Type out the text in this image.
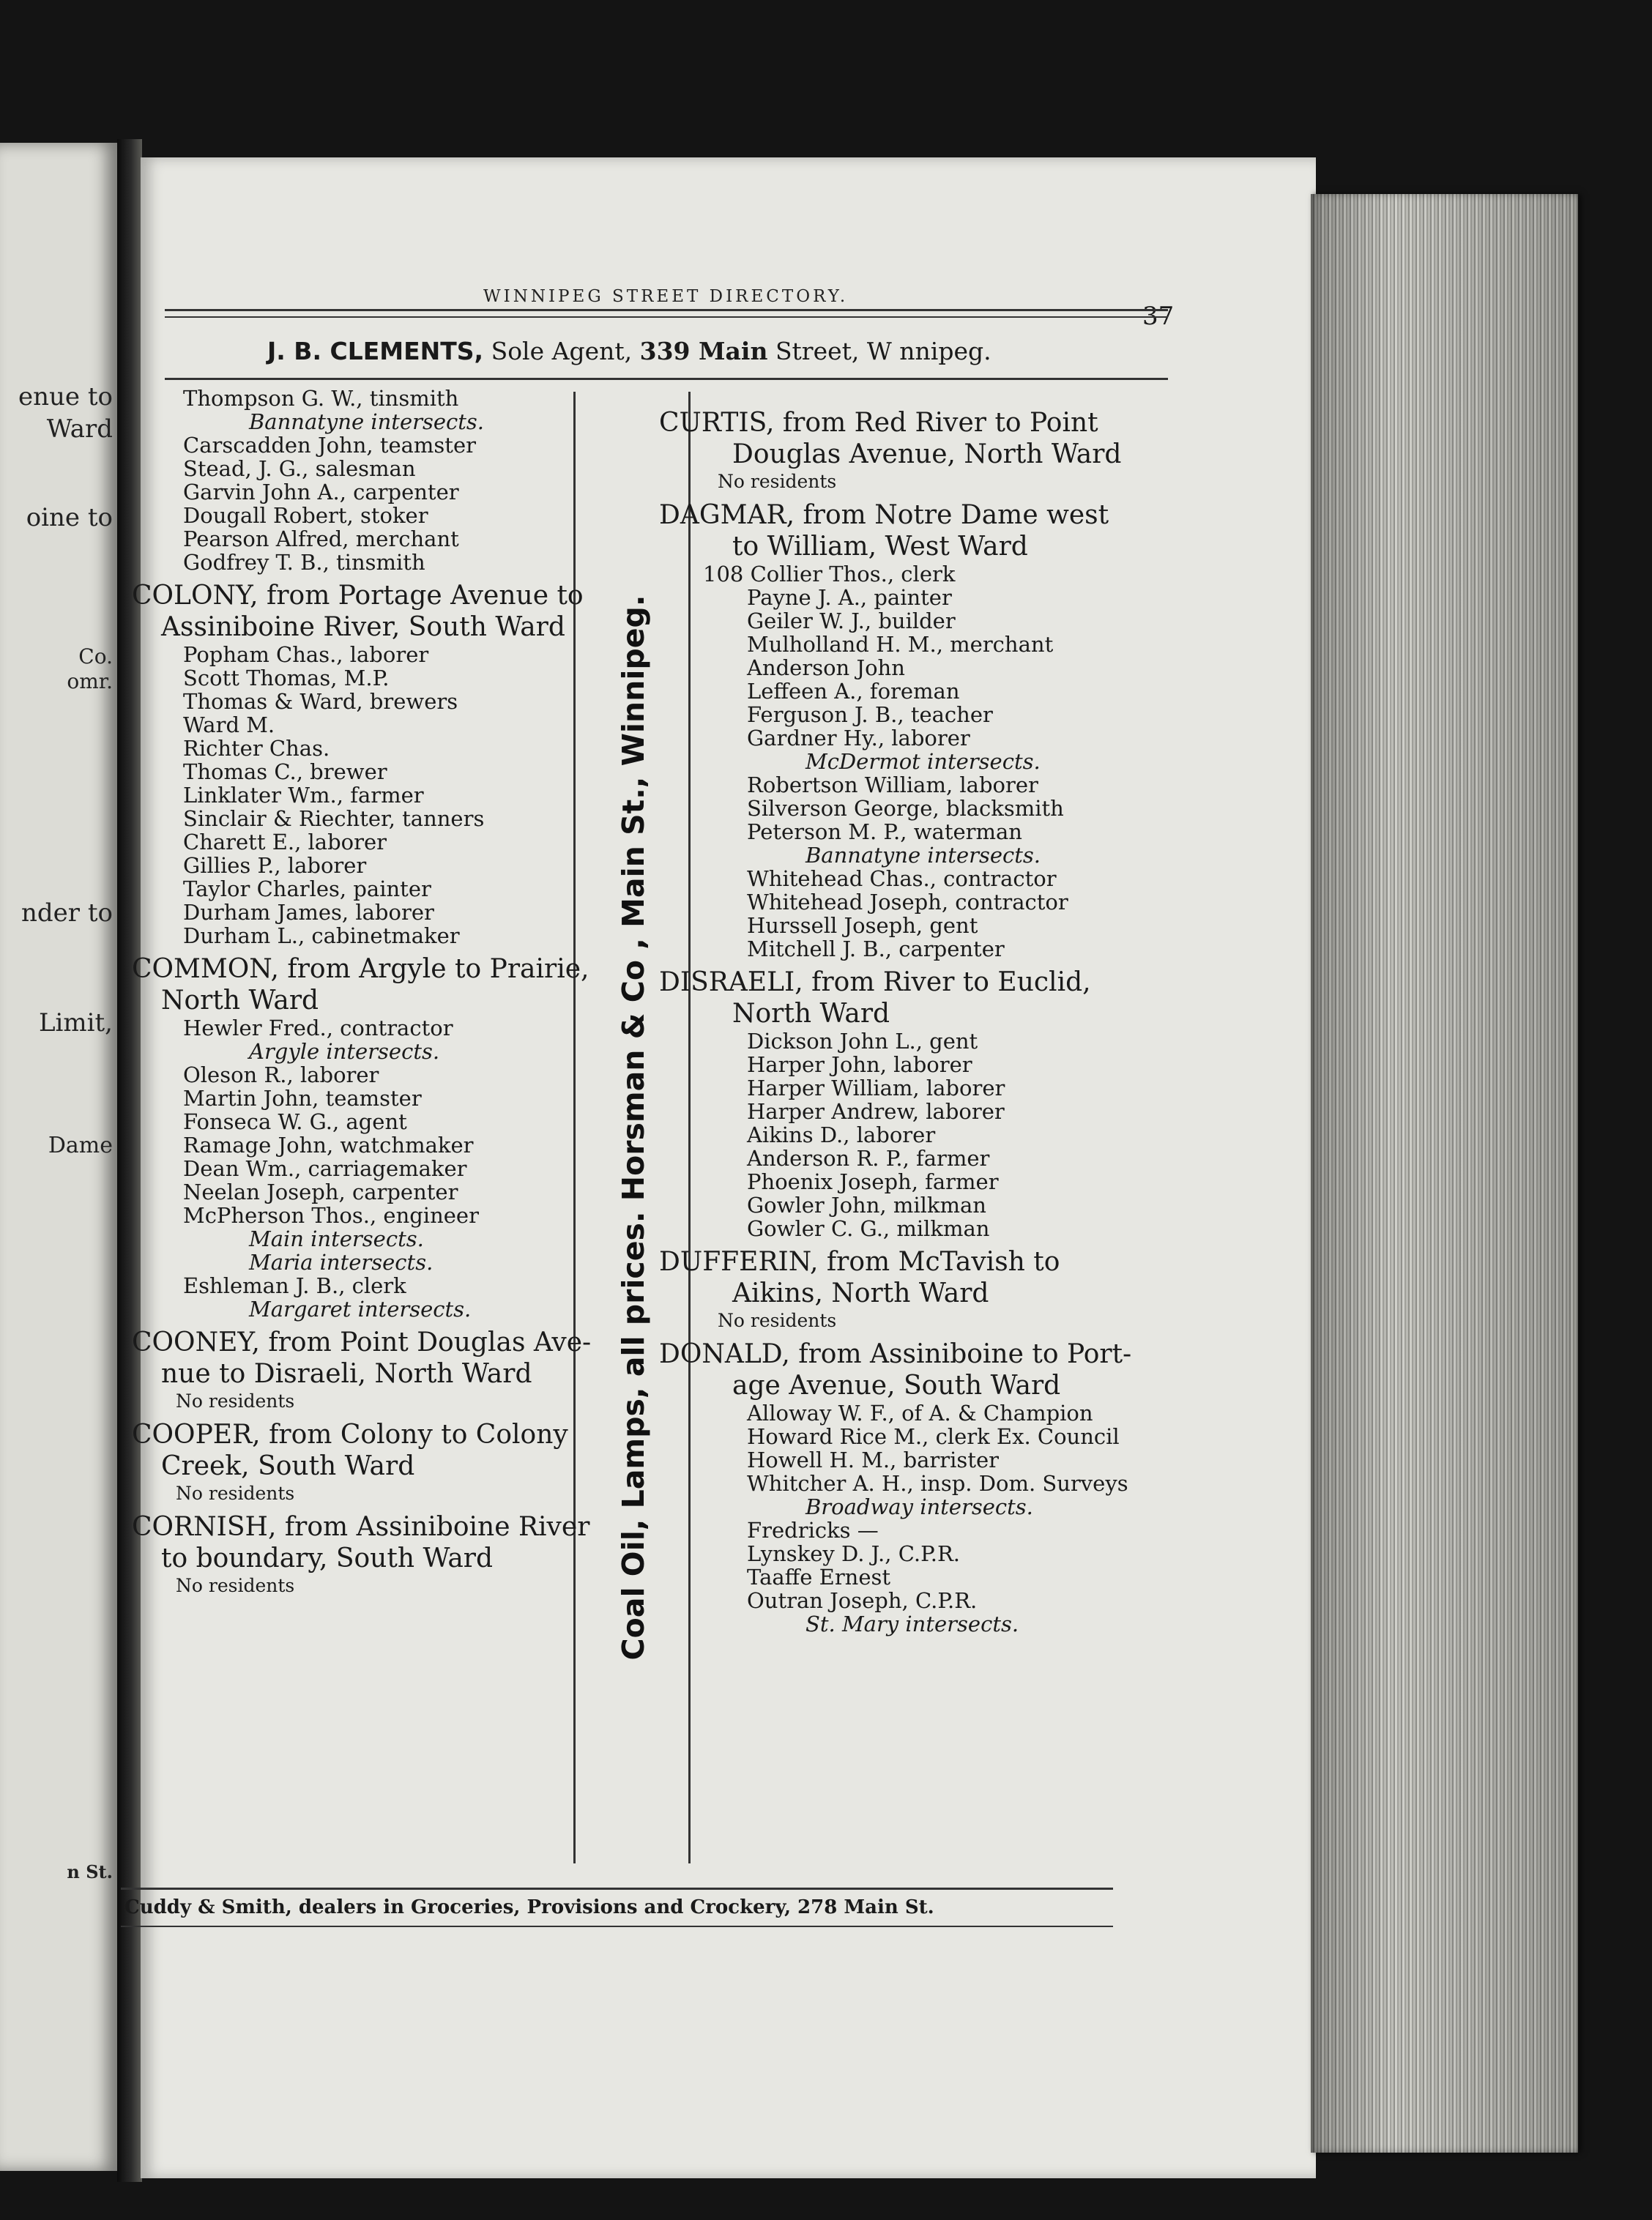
enue to
Ward
oine to
Co.
omr.
nder to
Limit,
Dame
n St.
WINNIPEG STREET DIRECTORY.
37
J. B. CLEMENTS, Sole Agent, 339 Main Street, W nnipeg.
Coal Oil, Lamps, all prices. Horsman & Co , Main St., Winnipeg.
Thompson G. W., tinsmith
Bannatyne intersects.
Carscadden John, teamster
Stead, J. G., salesman
Garvin John A., carpenter
Dougall Robert, stoker
Pearson Alfred, merchant
Godfrey T. B., tinsmith
COLONY, from Portage Avenue to
Assiniboine River, South Ward
Popham Chas., laborer
Scott Thomas, M.P.
Thomas & Ward, brewers
Ward M.
Richter Chas.
Thomas C., brewer
Linklater Wm., farmer
Sinclair & Riechter, tanners
Charett E., laborer
Gillies P., laborer
Taylor Charles, painter
Durham James, laborer
Durham L., cabinetmaker
COMMON, from Argyle to Prairie,
North Ward
Hewler Fred., contractor
Argyle intersects.
Oleson R., laborer
Martin John, teamster
Fonseca W. G., agent
Ramage John, watchmaker
Dean Wm., carriagemaker
Neelan Joseph, carpenter
McPherson Thos., engineer
Main intersects.
Maria intersects.
Eshleman J. B., clerk
Margaret intersects.
COONEY, from Point Douglas Ave-
nue to Disraeli, North Ward
No residents
COOPER, from Colony to Colony
Creek, South Ward
No residents
CORNISH, from Assiniboine River
to boundary, South Ward
No residents
CURTIS, from Red River to Point
Douglas Avenue, North Ward
No residents
DAGMAR, from Notre Dame west
to William, West Ward
108 Collier Thos., clerk
Payne J. A., painter
Geiler W. J., builder
Mulholland H. M., merchant
Anderson John
Leffeen A., foreman
Ferguson J. B., teacher
Gardner Hy., laborer
McDermot intersects.
Robertson William, laborer
Silverson George, blacksmith
Peterson M. P., waterman
Bannatyne intersects.
Whitehead Chas., contractor
Whitehead Joseph, contractor
Hurssell Joseph, gent
Mitchell J. B., carpenter
DISRAELI, from River to Euclid,
North Ward
Dickson John L., gent
Harper John, laborer
Harper William, laborer
Harper Andrew, laborer
Aikins D., laborer
Anderson R. P., farmer
Phoenix Joseph, farmer
Gowler John, milkman
Gowler C. G., milkman
DUFFERIN, from McTavish to
Aikins, North Ward
No residents
DONALD, from Assiniboine to Port-
age Avenue, South Ward
Alloway W. F., of A. & Champion
Howard Rice M., clerk Ex. Council
Howell H. M., barrister
Whitcher A. H., insp. Dom. Surveys
Broadway intersects.
Fredricks —
Lynskey D. J., C.P.R.
Taaffe Ernest
Outran Joseph, C.P.R.
St. Mary intersects.
Cuddy & Smith, dealers in Groceries, Provisions and Crockery, 278 Main St.
